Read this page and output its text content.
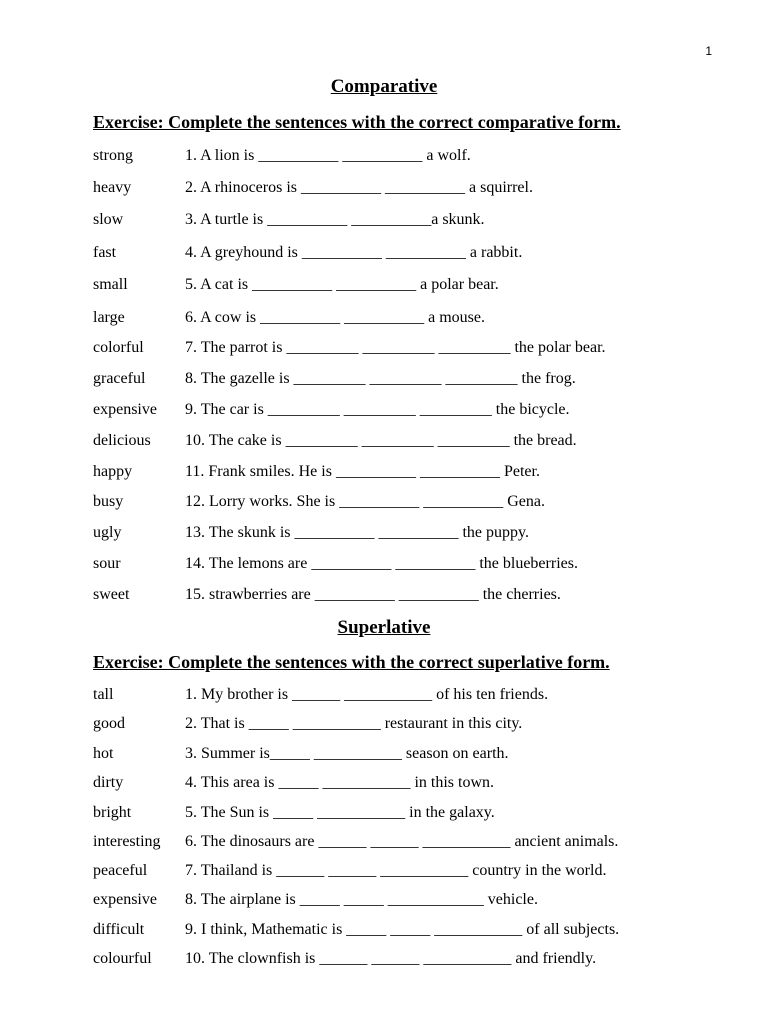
1
Comparative
Exercise: Complete the sentences with the correct comparative form.
strong	1. A lion is __________ __________ a wolf.
heavy	2. A rhinoceros is __________ __________ a squirrel.
slow	3. A turtle is __________ __________a skunk.
fast	4. A greyhound is __________ __________ a rabbit.
small	5. A cat is __________ __________ a polar bear.
large	6. A cow is __________ __________ a mouse.
colorful	7. The parrot is _________ _________ _________ the polar bear.
graceful 8. The gazelle is _________ _________ _________ the frog.
expensive 9. The car is _________ _________ _________ the bicycle.
delicious 10. The cake is _________ _________ _________ the bread.
happy	11. Frank smiles. He is __________ __________ Peter.
busy	12. Lorry works. She is __________ __________ Gena.
ugly	13. The skunk is __________ __________ the puppy.
sour	14. The lemons are __________ __________ the blueberries.
sweet	15. strawberries are __________ __________ the cherries.
Superlative
Exercise: Complete the sentences with the correct superlative form.
tall	1. My brother is ______ ___________ of his ten friends.
good	2. That is _____ ___________ restaurant in this city.
hot	3. Summer is_____ ___________ season on earth.
dirty	4. This area is _____ ___________ in this town.
bright	5. The Sun is _____ ___________ in the galaxy.
interesting 6. The dinosaurs are ______ ______ ___________ ancient animals.
peaceful 7. Thailand is ______ ______ ___________ country in the world.
expensive 8. The airplane is _____ _____ ____________ vehicle.
difficult	9. I think, Mathematic is _____ _____ ___________ of all subjects.
colourful 10. The clownfish is ______ ______ ___________ and friendly.
